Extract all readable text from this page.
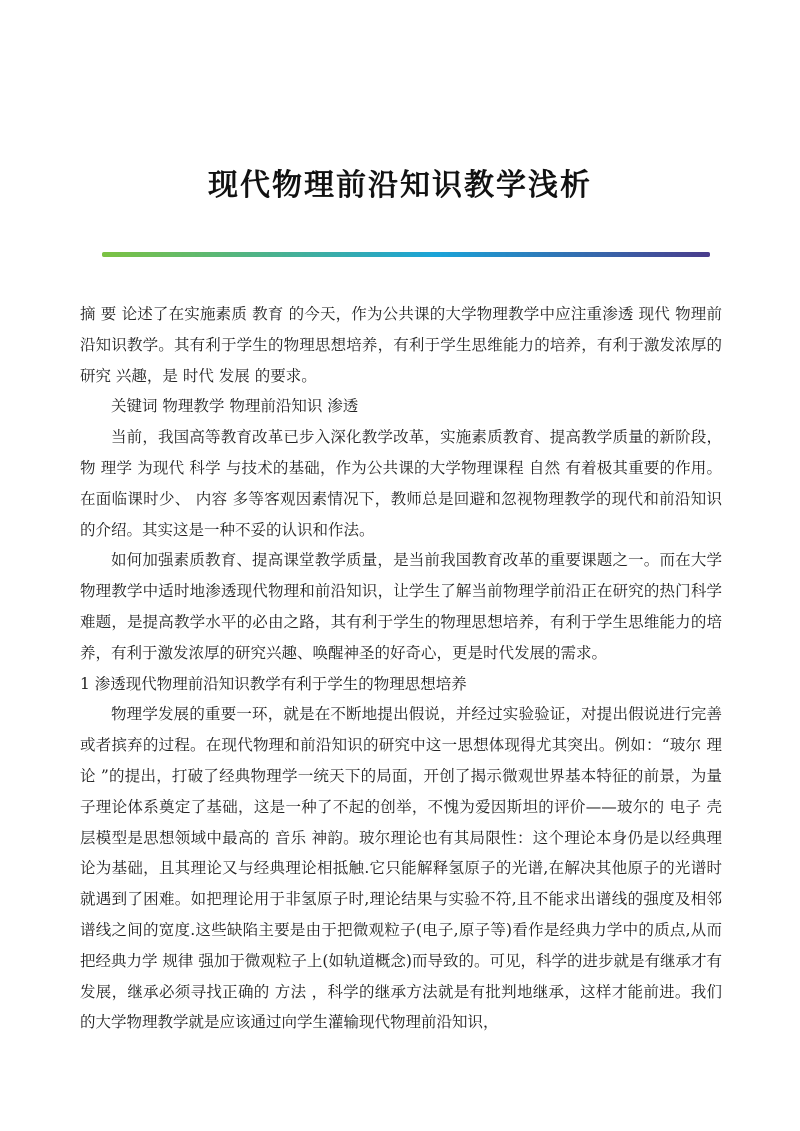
现代物理前沿知识教学浅析

摘 要 论述了在实施素质 教育 的今天，作为公共课的大学物理教学中应注重渗透 现代 物理前沿知识教学。其有利于学生的物理思想培养，有利于学生思维能力的培养，有利于激发浓厚的 研究 兴趣，是 时代 发展 的要求。

关键词 物理教学 物理前沿知识 渗透

当前，我国高等教育改革已步入深化教学改革，实施素质教育、提高教学质量的新阶段，物 理学 为现代 科学 与技术的基础，作为公共课的大学物理课程 自然 有着极其重要的作用。在面临课时少、 内容 多等客观因素情况下，教师总是回避和忽视物理教学的现代和前沿知识的介绍。其实这是一种不妥的认识和作法。

如何加强素质教育、提高课堂教学质量，是当前我国教育改革的重要课题之一。而在大学物理教学中适时地渗透现代物理和前沿知识，让学生了解当前物理学前沿正在研究的热门科学难题，是提高教学水平的必由之路，其有利于学生的物理思想培养，有利于学生思维能力的培养，有利于激发浓厚的研究兴趣、唤醒神圣的好奇心，更是时代发展的需求。

1 渗透现代物理前沿知识教学有利于学生的物理思想培养

物理学发展的重要一环，就是在不断地提出假说，并经过实验验证，对提出假说进行完善或者摈弃的过程。在现代物理和前沿知识的研究中这一思想体现得尤其突出。例如：“玻尔 理论 ”的提出，打破了经典物理学一统天下的局面，开创了揭示微观世界基本特征的前景，为量子理论体系奠定了基础，这是一种了不起的创举，不愧为爱因斯坦的评价——玻尔的 电子 壳层模型是思想领域中最高的 音乐 神韵。玻尔理论也有其局限性：这个理论本身仍是以经典理论为基础，且其理论又与经典理论相抵触.它只能解释氢原子的光谱,在解决其他原子的光谱时就遇到了困难。如把理论用于非氢原子时,理论结果与实验不符,且不能求出谱线的强度及相邻谱线之间的宽度.这些缺陷主要是由于把微观粒子(电子,原子等)看作是经典力学中的质点,从而把经典力学 规律 强加于微观粒子上(如轨道概念)而导致的。可见，科学的进步就是有继承才有发展，继承必须寻找正确的 方法 ，科学的继承方法就是有批判地继承，这样才能前进。我们的大学物理教学就是应该通过向学生灌输现代物理前沿知识，
